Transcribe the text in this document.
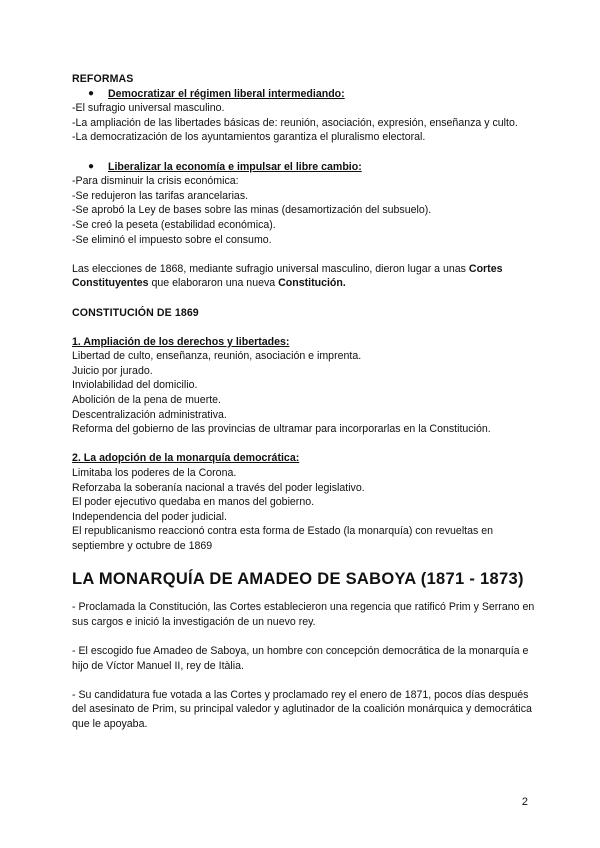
REFORMAS
●	Democratizar el régimen liberal intermediando:
-El sufragio universal masculino.
-La ampliación de las libertades básicas de: reunión, asociación, expresión, enseñanza y culto.
-La democratización de los ayuntamientos garantiza el pluralismo electoral.
●	Liberalizar la economía e impulsar el libre cambio:
-Para disminuir la crisis económica:
-Se redujeron las tarifas arancelarias.
-Se aprobó la Ley de bases sobre las minas (desamortización del subsuelo).
-Se creó la peseta (estabilidad económica).
-Se eliminó el impuesto sobre el consumo.
Las elecciones de 1868, mediante sufragio universal masculino, dieron lugar a unas Cortes Constituyentes que elaboraron una nueva Constitución.
CONSTITUCIÓN DE 1869
1. Ampliación de los derechos y libertades:
Libertad de culto, enseñanza, reunión, asociación e imprenta.
Juicio por jurado.
Inviolabilidad del domicilio.
Abolición de la pena de muerte.
Descentralización administrativa.
Reforma del gobierno de las provincias de ultramar para incorporarlas en la Constitución.
2. La adopción de la monarquía democrática:
Limitaba los poderes de la Corona.
Reforzaba la soberanía nacional a través del poder legislativo.
El poder ejecutivo quedaba en manos del gobierno.
Independencia del poder judicial.
El republicanismo reaccionó contra esta forma de Estado (la monarquía) con revueltas en septiembre y octubre de 1869
LA MONARQUÍA DE AMADEO DE SABOYA (1871 - 1873)
- Proclamada la Constitución, las Cortes establecieron una regencia que ratificó Prim y Serrano en sus cargos e inició la investigación de un nuevo rey.
- El escogido fue Amadeo de Saboya, un hombre con concepción democrática de la monarquía e hijo de Víctor Manuel II, rey de Itàlia.
- Su candidatura fue votada a las Cortes y proclamado rey el enero de 1871, pocos días después del asesinato de Prim, su principal valedor y aglutinador de la coalición monárquica y democrática que le apoyaba.
2
